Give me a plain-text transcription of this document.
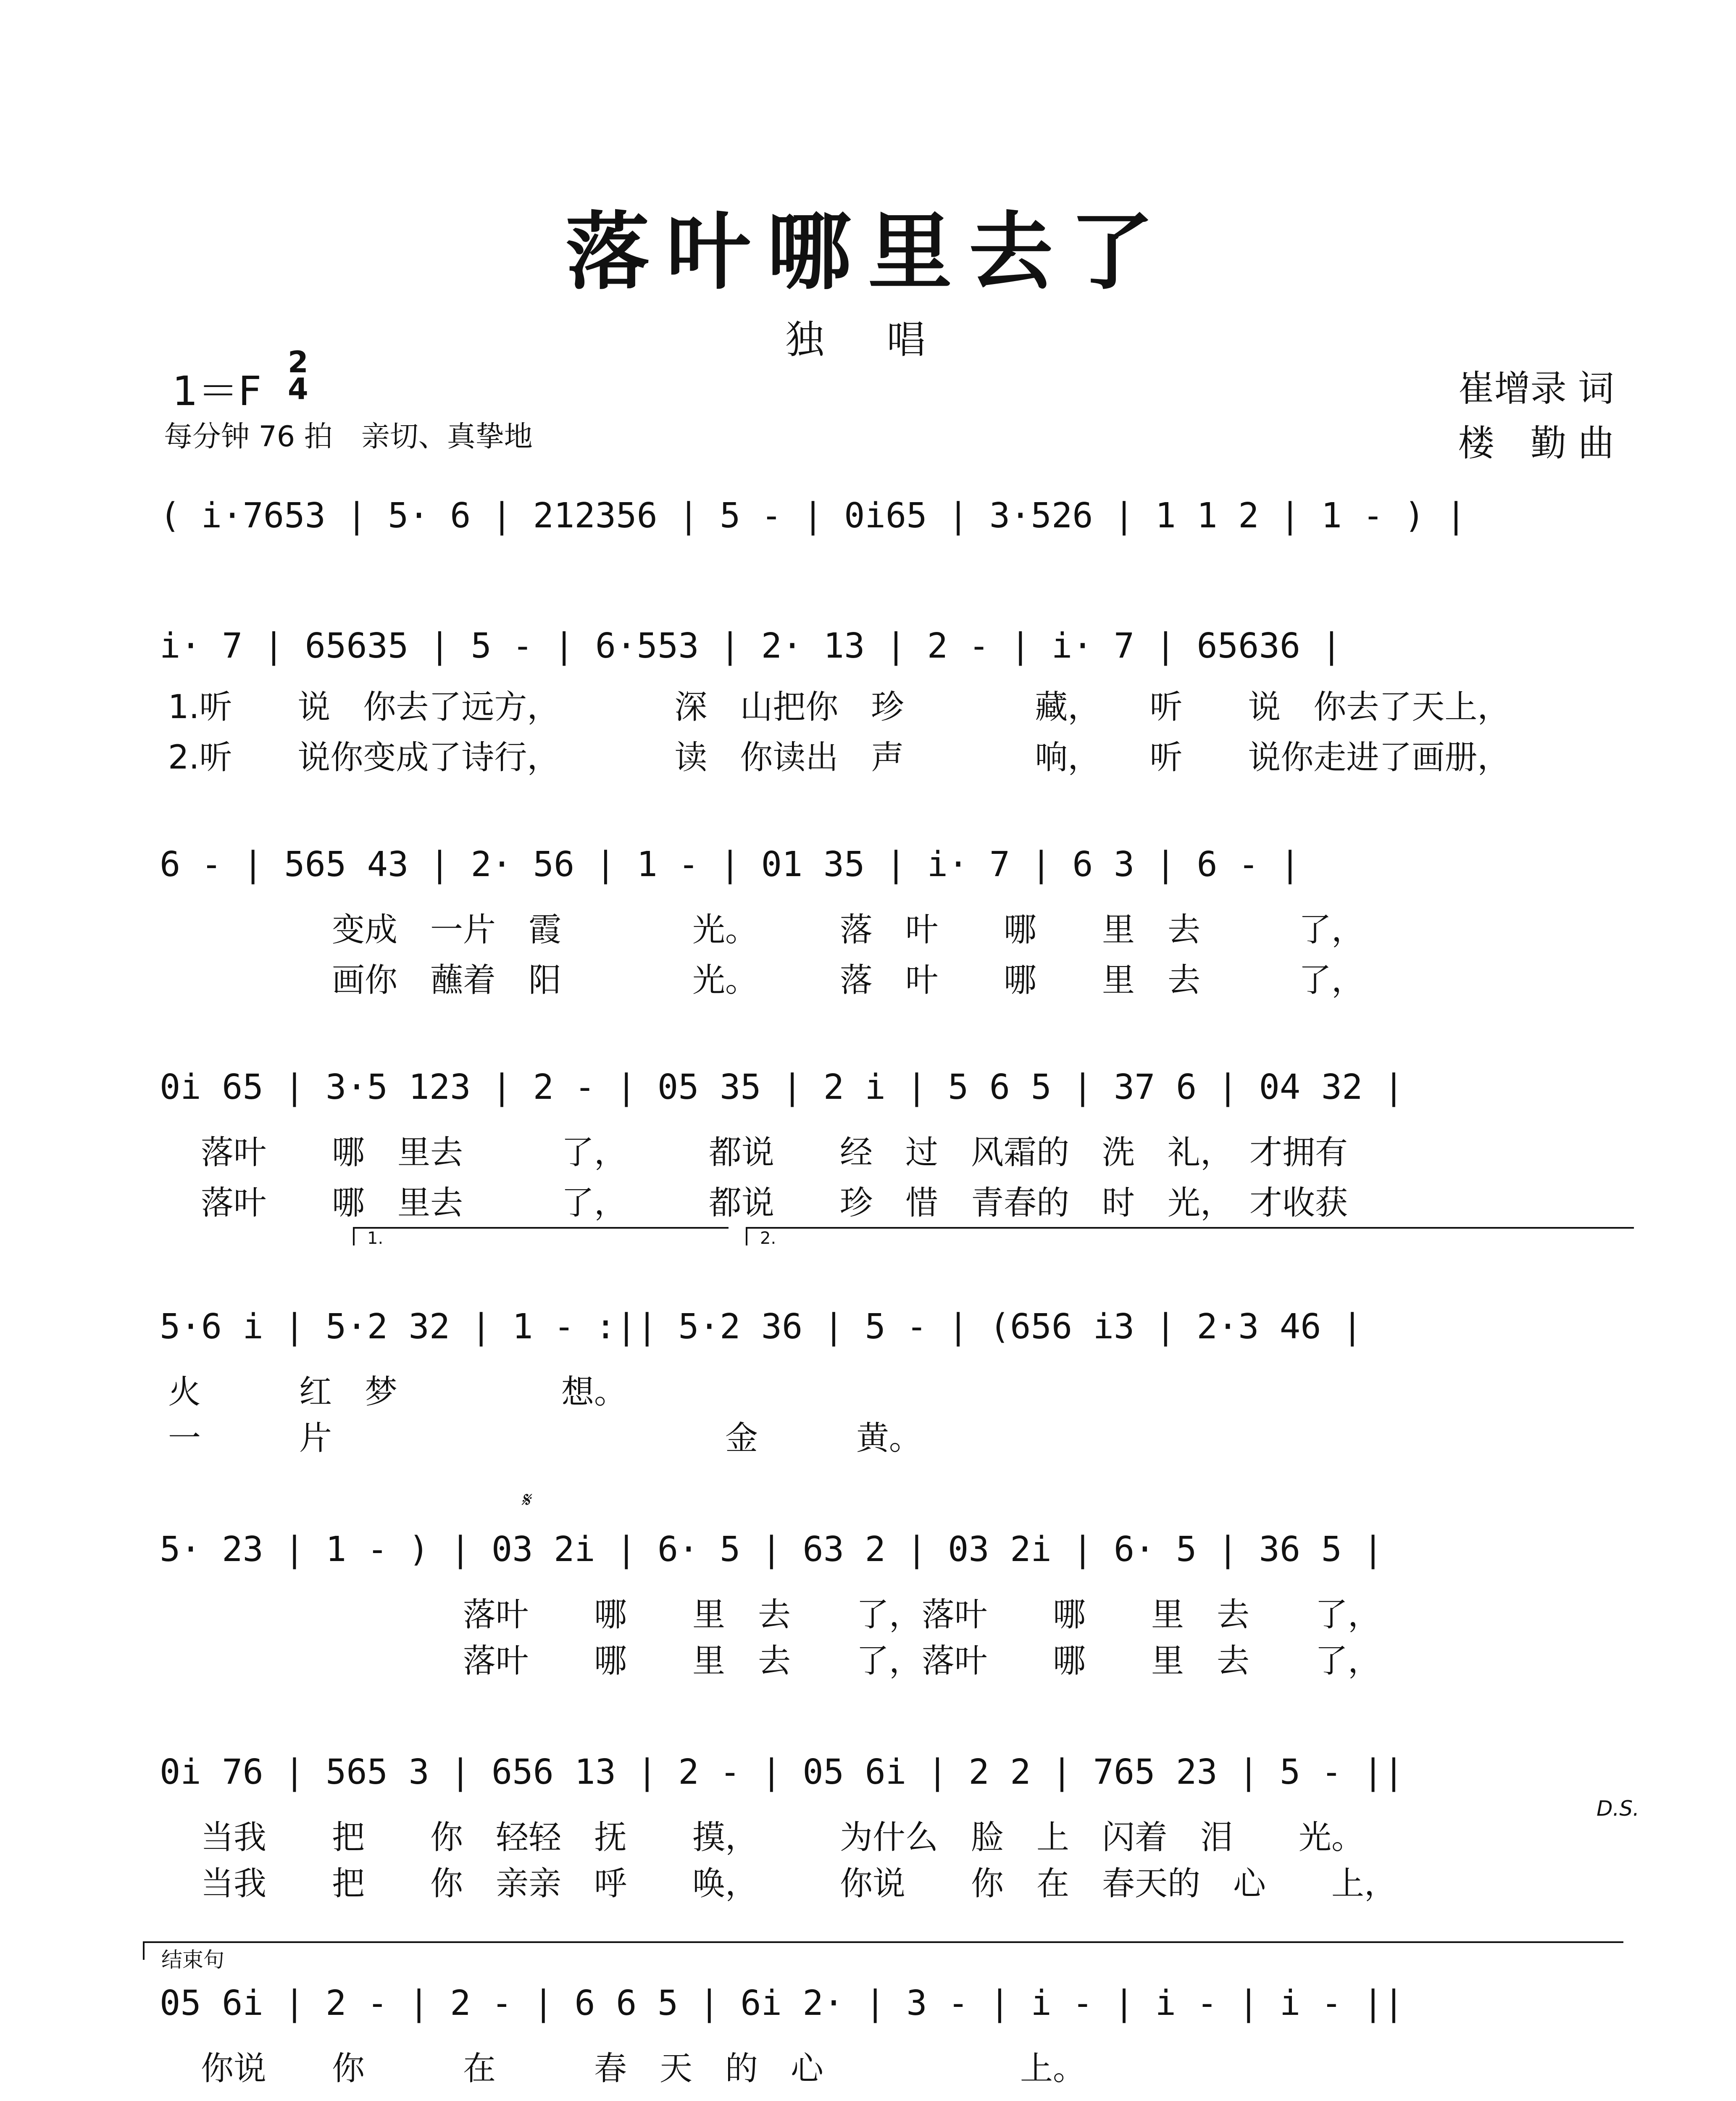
落叶哪里去了
独 唱
1＝F
2
4
每分钟 76 拍　亲切、真挚地
崔增录 词
楼　勤 曲
( i·7653 | 5· 6 | 212356 | 5 - | 0i65 | 3·526 | 1 1 2 | 1 - ) |
i· 7 | 65635 | 5 - | 6·553 | 2· 13 | 2 - | i· 7 | 65636 |
1.听　　说　你去了远方，　　　　深　山把你　珍　　　　藏，　　听　　说　你去了天上，
2.听　　说你变成了诗行，　　　　读　你读出　声　　　　响，　　听　　说你走进了画册，
6 - | 565 43 | 2· 56 | 1 - | 01 35 | i· 7 | 6 3 | 6 - |
　　　　　变成　一片　霞　　　　光。　　　落　叶　　哪　　里　去　　　了，
　　　　　画你　蘸着　阳　　　　光。　　　落　叶　　哪　　里　去　　　了，
0i 65 | 3·5 123 | 2 - | 05 35 | 2 i | 5 6 5 | 37 6 | 04 32 |
　落叶　　哪　里去　　　了，　　　都说　　经　过　风霜的　洗　礼，　才拥有
　落叶　　哪　里去　　　了，　　　都说　　珍　惜　青春的　时　光，　才收获
1.	2.
5·6 i | 5·2 32 | 1 - :|| 5·2 36 | 5 - | (656 i3 | 2·3 46 |
火　　　红　梦　　　　　想。
一　　　片　　　　　　　　　　　　金　　　黄。
𝄋
5· 23 | 1 - ) | 03 2i | 6· 5 | 63 2 | 03 2i | 6· 5 | 36 5 |
　　　　　　　　　落叶　　哪　　里　去　　了，落叶　　哪　　里　去　　了，
　　　　　　　　　落叶　　哪　　里　去　　了，落叶　　哪　　里　去　　了，
0i 76 | 565 3 | 656 13 | 2 - | 05 6i | 2 2 | 765 23 | 5 - ||
D.S.
　当我　　把　　你　轻轻　抚　　摸，　　　为什么　脸　上　闪着　泪　　光。
　当我　　把　　你　亲亲　呼　　唤，　　　你说　　你　在　春天的　心　　上，
结束句
05 6i | 2 - | 2 - | 6 6 5 | 6i 2· | 3 - | i - | i - | i - ||
　你说　　你　　　在　　　春　天　的　心　　　　　　上。
